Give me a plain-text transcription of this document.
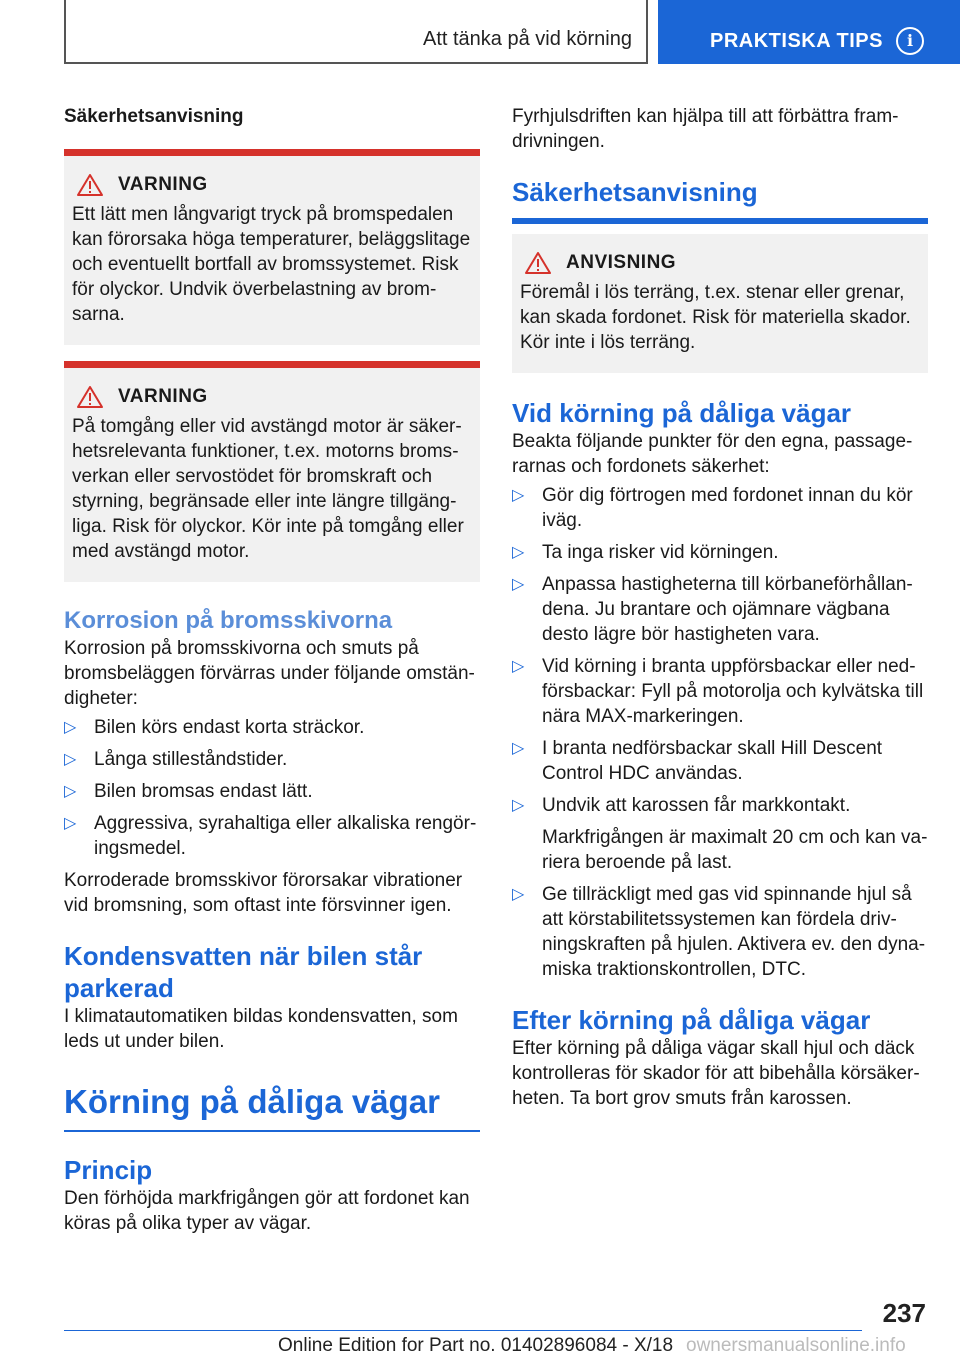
Att tänka på vid körning	PRAKTISKA TIPS	i

Säkerhetsanvisning

VARNING

Ett lätt men långvarigt tryck på bromspedalen kan förorsaka höga temperaturer, beläggslitage och eventuellt bortfall av bromssystemet. Risk för olyckor. Undvik överbelastning av bromsarna.

VARNING

På tomgång eller vid avstängd motor är säkerhetsrelevanta funktioner, t.ex. motorns bromsverkan eller servostödet för bromskraft och styrning, begränsade eller inte längre tillgängliga. Risk för olyckor. Kör inte på tomgång eller med avstängd motor.

Korrosion på bromsskivorna

Korrosion på bromsskivorna och smuts på bromsbeläggen förvärras under följande omständigheter:

▷ Bilen körs endast korta sträckor.
▷ Långa stilleståndstider.
▷ Bilen bromsas endast lätt.
▷ Aggressiva, syrahaltiga eller alkaliska rengöringsmedel.

Korroderade bromsskivor förorsakar vibrationer vid bromsning, som oftast inte försvinner igen.

Kondensvatten när bilen står parkerad

I klimatautomatiken bildas kondensvatten, som leds ut under bilen.

Körning på dåliga vägar
Princip

Den förhöjda markfrigången gör att fordonet kan köras på olika typer av vägar.

Fyrhjulsdriften kan hjälpa till att förbättra framdrivningen.

Säkerhetsanvisning
ANVISNING

Föremål i lös terräng, t.ex. stenar eller grenar, kan skada fordonet. Risk för materiella skador. Kör inte i lös terräng.

Vid körning på dåliga vägar

Beakta följande punkter för den egna, passagerarnas och fordonets säkerhet:

▷ Gör dig förtrogen med fordonet innan du kör iväg.
▷ Ta inga risker vid körningen.
▷ Anpassa hastigheterna till körbaneförhållandena. Ju brantare och ojämnare vägbana desto lägre bör hastigheten vara.
▷ Vid körning i branta uppförsbackar eller nedförsbackar: Fyll på motorolja och kylvätska till nära MAX-markeringen.
▷ I branta nedförsbackar skall Hill Descent Control HDC användas.
▷ Undvik att karossen får markkontakt.
Markfrigången är maximalt 20 cm och kan variera beroende på last.
▷ Ge tillräckligt med gas vid spinnande hjul så att körstabilitetssystemen kan fördela drivningskraften på hjulen. Aktivera ev. den dynamiska traktionskontrollen, DTC.
Efter körning på dåliga vägar

Efter körning på dåliga vägar skall hjul och däck kontrolleras för skador för att bibehålla körsäkerheten. Ta bort grov smuts från karossen.

237
Online Edition for Part no. 01402896084 - X/18 ownersmanualsonline.info
